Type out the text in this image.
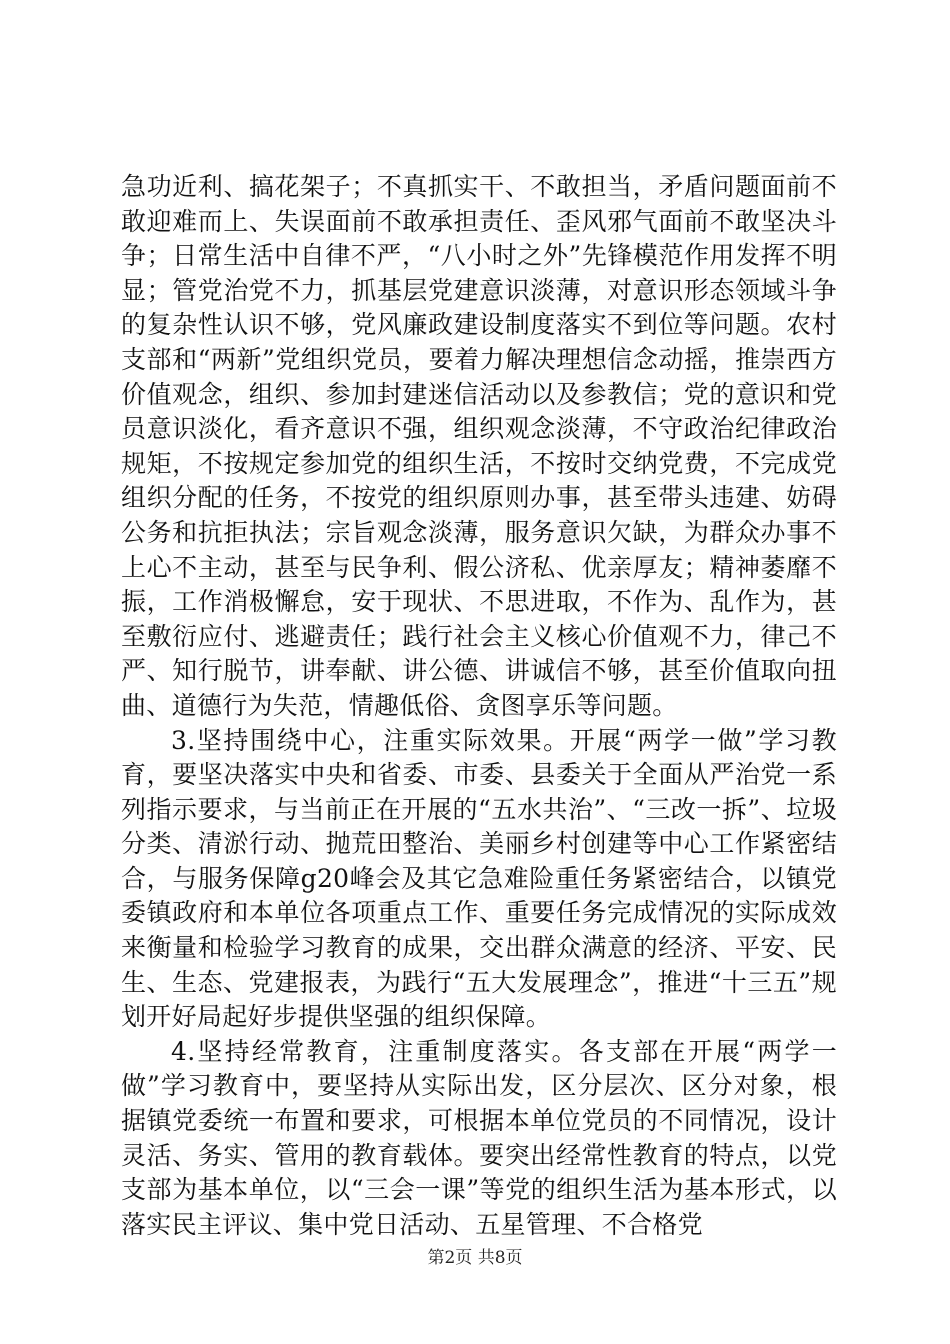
急功近利、搞花架子；不真抓实干、不敢担当，矛盾问题面前不敢迎难而上、失误面前不敢承担责任、歪风邪气面前不敢坚决斗争；日常生活中自律不严，“八小时之外”先锋模范作用发挥不明显；管党治党不力，抓基层党建意识淡薄，对意识形态领域斗争的复杂性认识不够，党风廉政建设制度落实不到位等问题。农村支部和“两新”党组织党员，要着力解决理想信念动摇，推崇西方价值观念，组织、参加封建迷信活动以及参教信；党的意识和党员意识淡化，看齐意识不强，组织观念淡薄，不守政治纪律政治规矩，不按规定参加党的组织生活，不按时交纳党费，不完成党组织分配的任务，不按党的组织原则办事，甚至带头违建、妨碍公务和抗拒执法；宗旨观念淡薄，服务意识欠缺，为群众办事不上心不主动，甚至与民争利、假公济私、优亲厚友；精神萎靡不振，工作消极懈怠，安于现状、不思进取，不作为、乱作为，甚至敷衍应付、逃避责任；践行社会主义核心价值观不力，律己不严、知行脱节，讲奉献、讲公德、讲诚信不够，甚至价值取向扭曲、道德行为失范，情趣低俗、贪图享乐等问题。

3.坚持围绕中心，注重实际效果。开展“两学一做”学习教育，要坚决落实中央和省委、市委、县委关于全面从严治党一系列指示要求，与当前正在开展的“五水共治”、“三改一拆”、垃圾分类、清淤行动、抛荒田整治、美丽乡村创建等中心工作紧密结合，与服务保障g20峰会及其它急难险重任务紧密结合，以镇党委镇政府和本单位各项重点工作、重要任务完成情况的实际成效来衡量和检验学习教育的成果，交出群众满意的经济、平安、民生、生态、党建报表，为践行“五大发展理念”，推进“十三五”规划开好局起好步提供坚强的组织保障。

4.坚持经常教育，注重制度落实。各支部在开展“两学一做”学习教育中，要坚持从实际出发，区分层次、区分对象，根据镇党委统一布置和要求，可根据本单位党员的不同情况，设计灵活、务实、管用的教育载体。要突出经常性教育的特点，以党支部为基本单位，以“三会一课”等党的组织生活为基本形式，以落实民主评议、集中党日活动、五星管理、不合格党

第2页 共8页
